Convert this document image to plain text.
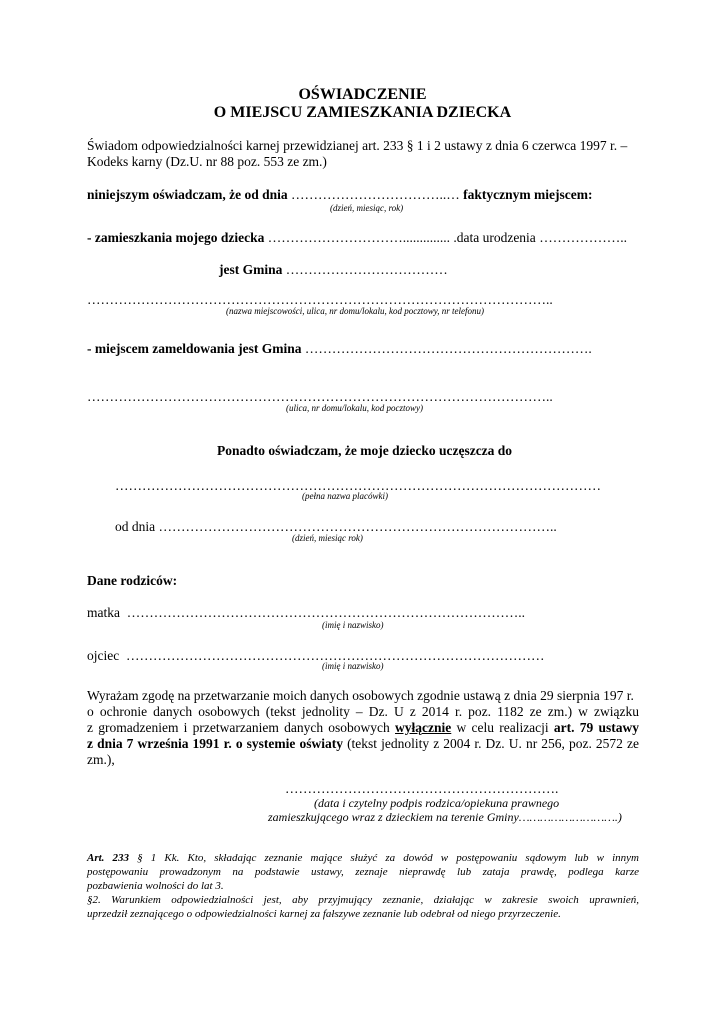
OŚWIADCZENIE
O MIEJSCU ZAMIESZKANIA DZIECKA
Świadom odpowiedzialności karnej przewidzianej art. 233 § 1 i 2 ustawy z dnia 6 czerwca 1997 r. –
Kodeks karny (Dz.U. nr 88 poz. 553 ze zm.)
niniejszym oświadczam, że od dnia ……………………………..… faktycznym miejscem:
(dzień, miesiąc, rok)
- zamieszkania mojego dziecka ………………………….............. .data urodzenia ………………..
jest Gmina ………………………………
…………………………………………………………………………………………..
(nazwa miejscowości, ulica, nr domu/lokalu, kod pocztowy, nr telefonu)
- miejscem zameldowania jest Gmina ……………………………………………………….
…………………………………………………………………………………………..
(ulica, nr domu/lokalu, kod pocztowy)
Ponadto oświadczam, że moje dziecko uczęszcza do
………………………………………………………………………………………………
(pełna nazwa placówki)
od dnia ……………………………………………………………………………..
(dzień, miesiąc rok)
Dane rodziców:
matka ……………………………………………………………………………..
(imię i nazwisko)
ojciec …………………………………………………………………………………
(imię i nazwisko)
Wyrażam zgodę na przetwarzanie moich danych osobowych zgodnie ustawą z dnia 29 sierpnia 197 r.
o ochronie danych osobowych (tekst jednolity – Dz. U z 2014 r. poz. 1182 ze zm.) w związku
z gromadzeniem i przetwarzaniem danych osobowych wyłącznie w celu realizacji art. 79 ustawy
z dnia 7 września 1991 r. o systemie oświaty (tekst jednolity z 2004 r. Dz. U. nr 256, poz. 2572 ze
zm.),
…………………………………………………….
(data i czytelny podpis rodzica/opiekuna prawnego
zamieszkującego wraz z dzieckiem na terenie Gminy……………………….)
Art. 233 § 1 Kk. Kto, składając zeznanie mające służyć za dowód w postępowaniu sądowym lub w innym
postępowaniu prowadzonym na podstawie ustawy, zeznaje nieprawdę lub zataja prawdę, podlega karze
pozbawienia wolności do lat 3.
§2. Warunkiem odpowiedzialności jest, aby przyjmujący zeznanie, działając w zakresie swoich uprawnień,
uprzedził zeznającego o odpowiedzialności karnej za fałszywe zeznanie lub odebrał od niego przyrzeczenie.
